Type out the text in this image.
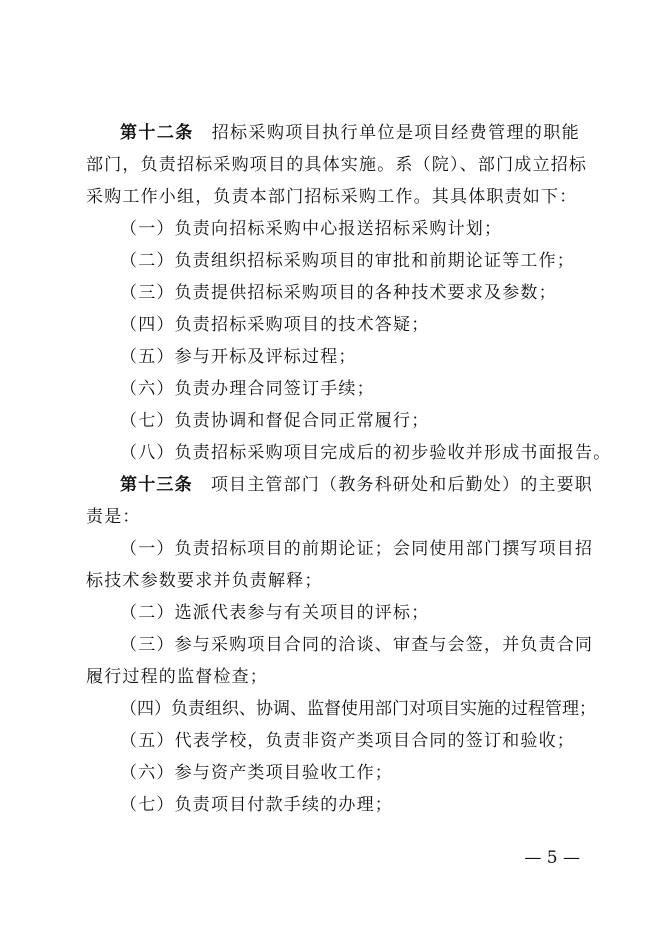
第十二条 招标采购项目执行单位是项目经费管理的职能
部门，负责招标采购项目的具体实施。系（院）、部门成立招标
采购工作小组，负责本部门招标采购工作。其具体职责如下：
（一）负责向招标采购中心报送招标采购计划；
（二）负责组织招标采购项目的审批和前期论证等工作；
（三）负责提供招标采购项目的各种技术要求及参数；
（四）负责招标采购项目的技术答疑；
（五）参与开标及评标过程；
（六）负责办理合同签订手续；
（七）负责协调和督促合同正常履行；
（八）负责招标采购项目完成后的初步验收并形成书面报告。
第十三条 项目主管部门（教务科研处和后勤处）的主要职
责是：
（一）负责招标项目的前期论证；会同使用部门撰写项目招
标技术参数要求并负责解释；
（二）选派代表参与有关项目的评标；
（三）参与采购项目合同的洽谈、审查与会签，并负责合同
履行过程的监督检查；
（四）负责组织、协调、监督使用部门对项目实施的过程管理；
（五）代表学校，负责非资产类项目合同的签订和验收；
（六）参与资产类项目验收工作；
（七）负责项目付款手续的办理；
— 5 —
